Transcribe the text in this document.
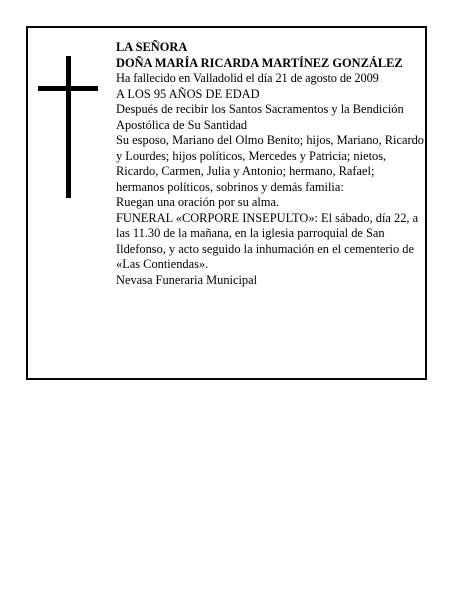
LA SEÑORA

DOÑA MARÍA RICARDA MARTÍNEZ GONZÁLEZ

Ha fallecido en Valladolid el día 21 de agosto de 2009

A LOS 95 AÑOS DE EDAD

Después de recibir los Santos Sacramentos y la Bendición Apostólica de Su Santidad

Su esposo, Mariano del Olmo Benito; hijos, Mariano, Ricardo y Lourdes; hijos políticos, Mercedes y Patricia; nietos, Ricardo, Carmen, Julia y Antonio; hermano, Rafael; hermanos políticos, sobrinos y demás familia:

Ruegan una oración por su alma.

FUNERAL «CORPORE INSEPULTO»: El sábado, día 22, a las 11.30 de la mañana, en la iglesia parroquial de San Ildefonso, y acto seguido la inhumación en el cementerio de «Las Contiendas».

Nevasa Funeraria Municipal
